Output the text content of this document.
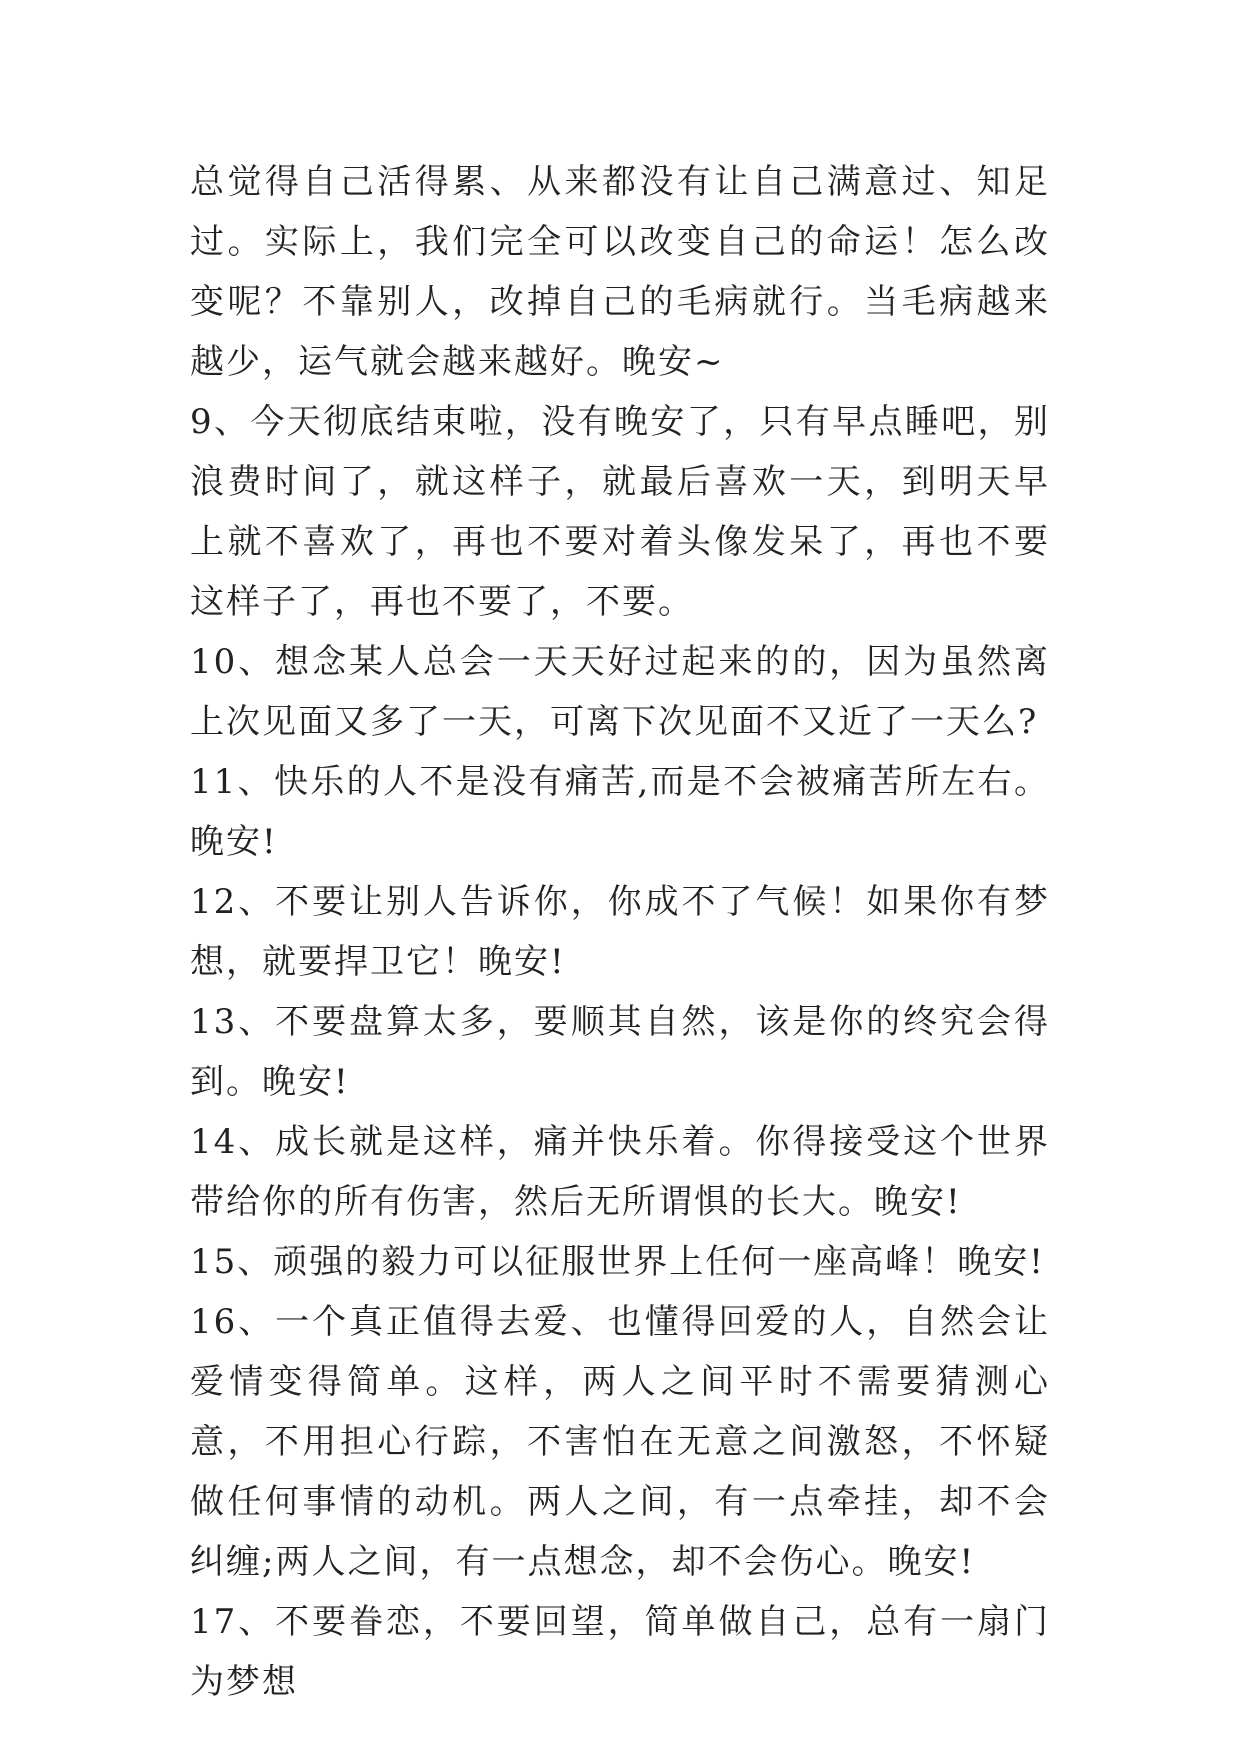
总觉得自己活得累、从来都没有让自己满意过、知足过。实际上，我们完全可以改变自己的命运！怎么改变呢？不靠别人，改掉自己的毛病就行。当毛病越来越少，运气就会越来越好。晚安~

9、今天彻底结束啦，没有晚安了，只有早点睡吧，别浪费时间了，就这样子，就最后喜欢一天，到明天早上就不喜欢了，再也不要对着头像发呆了，再也不要这样子了，再也不要了，不要。

10、想念某人总会一天天好过起来的的，因为虽然离上次见面又多了一天，可离下次见面不又近了一天么?

11、快乐的人不是没有痛苦,而是不会被痛苦所左右。晚安!

12、不要让别人告诉你，你成不了气候！如果你有梦想，就要捍卫它！晚安!

13、不要盘算太多，要顺其自然，该是你的终究会得到。晚安!

14、成长就是这样，痛并快乐着。你得接受这个世界带给你的所有伤害，然后无所谓惧的长大。晚安!

15、顽强的毅力可以征服世界上任何一座高峰！晚安!

16、一个真正值得去爱、也懂得回爱的人，自然会让爱情变得简单。这样，两人之间平时不需要猜测心意，不用担心行踪，不害怕在无意之间激怒，不怀疑做任何事情的动机。两人之间，有一点牵挂，却不会纠缠;两人之间，有一点想念，却不会伤心。晚安!

17、不要眷恋，不要回望，简单做自己，总有一扇门为梦想
